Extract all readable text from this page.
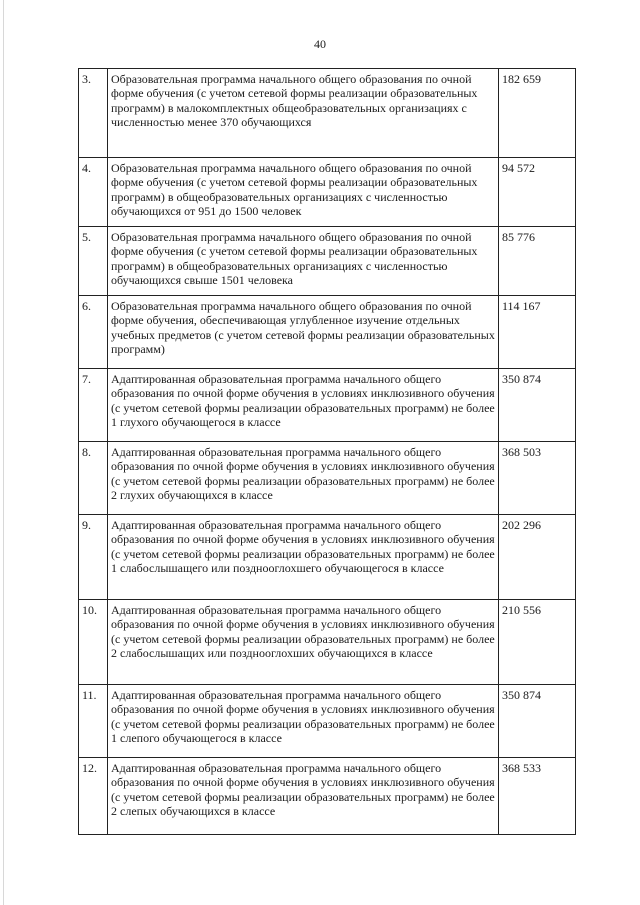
40
3.	Образовательная программа начального общего образования по очной форме обучения (с учетом сетевой формы реализации образовательных программ) в малокомплектных общеобразовательных организациях с численностью менее 370 обучающихся	182 659
4.	Образовательная программа начального общего образования по очной форме обучения (с учетом сетевой формы реализации образовательных программ) в общеобразовательных организациях с численностью обучающихся от 951 до 1500 человек	94 572
5.	Образовательная программа начального общего образования по очной форме обучения (с учетом сетевой формы реализации образовательных программ) в общеобразовательных организациях с численностью обучающихся свыше 1501 человека	85 776
6.	Образовательная программа начального общего образования по очной форме обучения, обеспечивающая углубленное изучение отдельных учебных предметов (с учетом сетевой формы реализации образовательных программ)	114 167
7.	Адаптированная образовательная программа начального общего образования по очной форме обучения в условиях инклюзивного обучения (с учетом сетевой формы реализации образовательных программ) не более 1 глухого обучающегося в классе	350 874
8.	Адаптированная образовательная программа начального общего образования по очной форме обучения в условиях инклюзивного обучения (с учетом сетевой формы реализации образовательных программ) не более 2 глухих обучающихся в классе	368 503
9.	Адаптированная образовательная программа начального общего образования по очной форме обучения в условиях инклюзивного обучения (с учетом сетевой формы реализации образовательных программ) не более 1 слабослышащего или позднооглохшего обучающегося в классе	202 296
10.	Адаптированная образовательная программа начального общего образования по очной форме обучения в условиях инклюзивного обучения (с учетом сетевой формы реализации образовательных программ) не более 2 слабослышащих или позднооглохших обучающихся в классе	210 556
11.	Адаптированная образовательная программа начального общего образования по очной форме обучения в условиях инклюзивного обучения (с учетом сетевой формы реализации образовательных программ) не более 1 слепого обучающегося в классе	350 874
12.	Адаптированная образовательная программа начального общего образования по очной форме обучения в условиях инклюзивного обучения (с учетом сетевой формы реализации образовательных программ) не более 2 слепых обучающихся в классе	368 533
